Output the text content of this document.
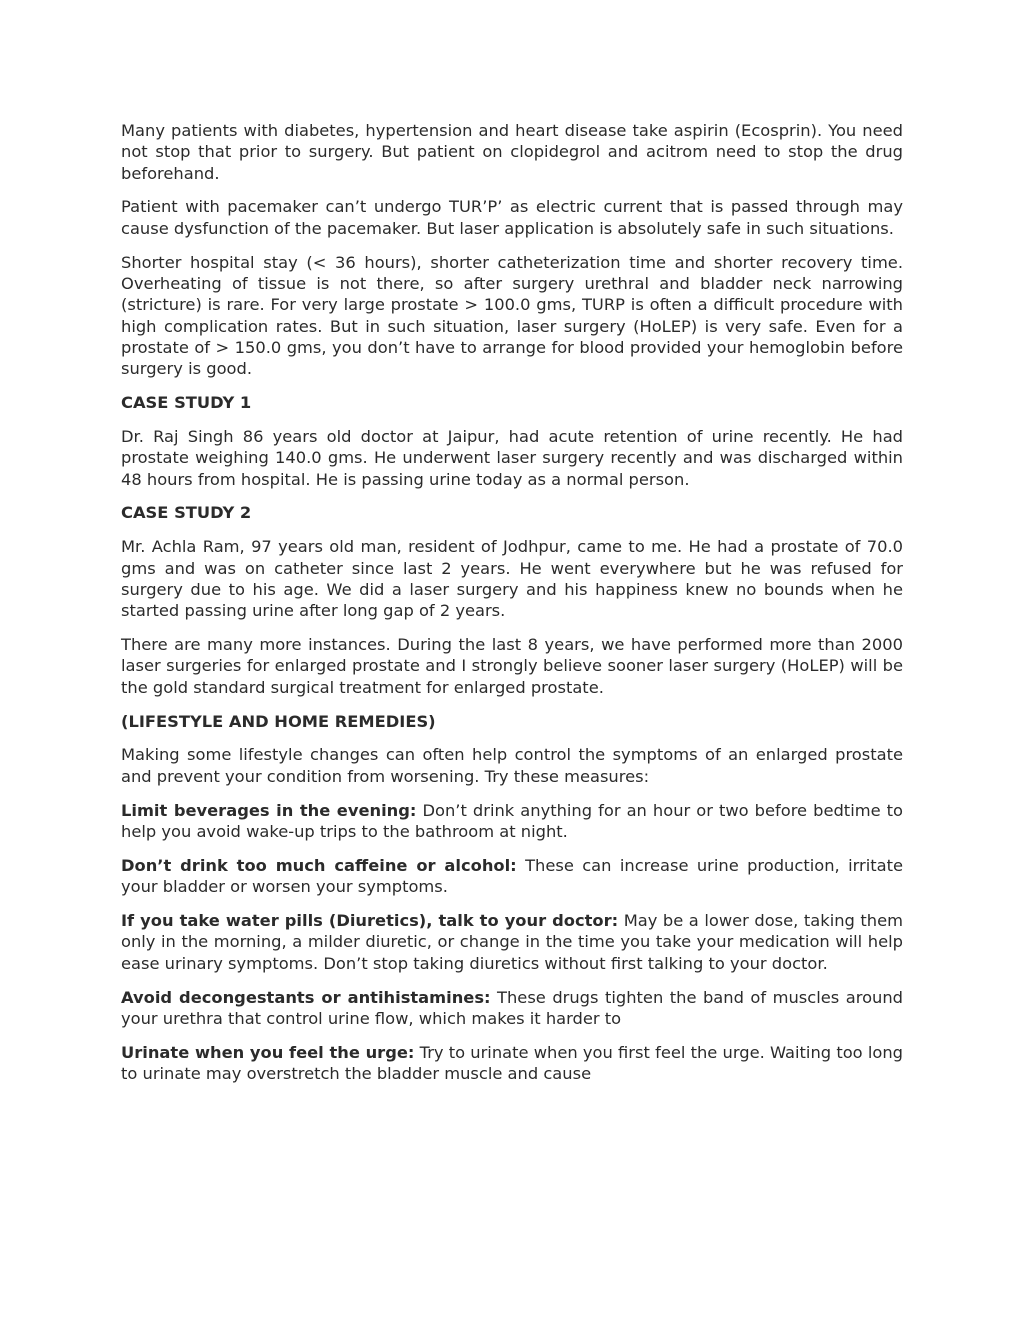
Many patients with diabetes, hypertension and heart disease take aspirin (Ecosprin). You need not stop that prior to surgery. But patient on clopidegrol and acitrom need to stop the drug beforehand.

Patient with pacemaker can’t undergo TUR’P’ as electric current that is passed through may cause dysfunction of the pacemaker. But laser application is absolutely safe in such situations.

Shorter hospital stay (< 36 hours), shorter catheterization time and shorter recovery time. Overheating of tissue is not there, so after surgery urethral and bladder neck narrowing (stricture) is rare. For very large prostate > 100.0 gms, TURP is often a difficult procedure with high complication rates. But in such situation, laser surgery (HoLEP) is very safe. Even for a prostate of > 150.0 gms, you don’t have to arrange for blood provided your hemoglobin before surgery is good.

CASE STUDY 1

Dr. Raj Singh 86 years old doctor at Jaipur, had acute retention of urine recently. He had prostate weighing 140.0 gms. He underwent laser surgery recently and was discharged within 48 hours from hospital. He is passing urine today as a normal person.

CASE STUDY 2

Mr. Achla Ram, 97 years old man, resident of Jodhpur, came to me. He had a prostate of 70.0 gms and was on catheter since last 2 years. He went everywhere but he was refused for surgery due to his age. We did a laser surgery and his happiness knew no bounds when he started passing urine after long gap of 2 years.

There are many more instances. During the last 8 years, we have performed more than 2000 laser surgeries for enlarged prostate and I strongly believe sooner laser surgery (HoLEP) will be the gold standard surgical treatment for enlarged prostate.

(LIFESTYLE AND HOME REMEDIES)

Making some lifestyle changes can often help control the symptoms of an enlarged prostate and prevent your condition from worsening. Try these measures:

Limit beverages in the evening: Don’t drink anything for an hour or two before bedtime to help you avoid wake-up trips to the bathroom at night.

Don’t drink too much caffeine or alcohol: These can increase urine production, irritate your bladder or worsen your symptoms.

If you take water pills (Diuretics), talk to your doctor: May be a lower dose, taking them only in the morning, a milder diuretic, or change in the time you take your medication will help ease urinary symptoms. Don’t stop taking diuretics without first talking to your doctor.

Avoid decongestants or antihistamines: These drugs tighten the band of muscles around your urethra that control urine flow, which makes it harder to

Urinate when you feel the urge: Try to urinate when you first feel the urge. Waiting too long to urinate may overstretch the bladder muscle and cause
